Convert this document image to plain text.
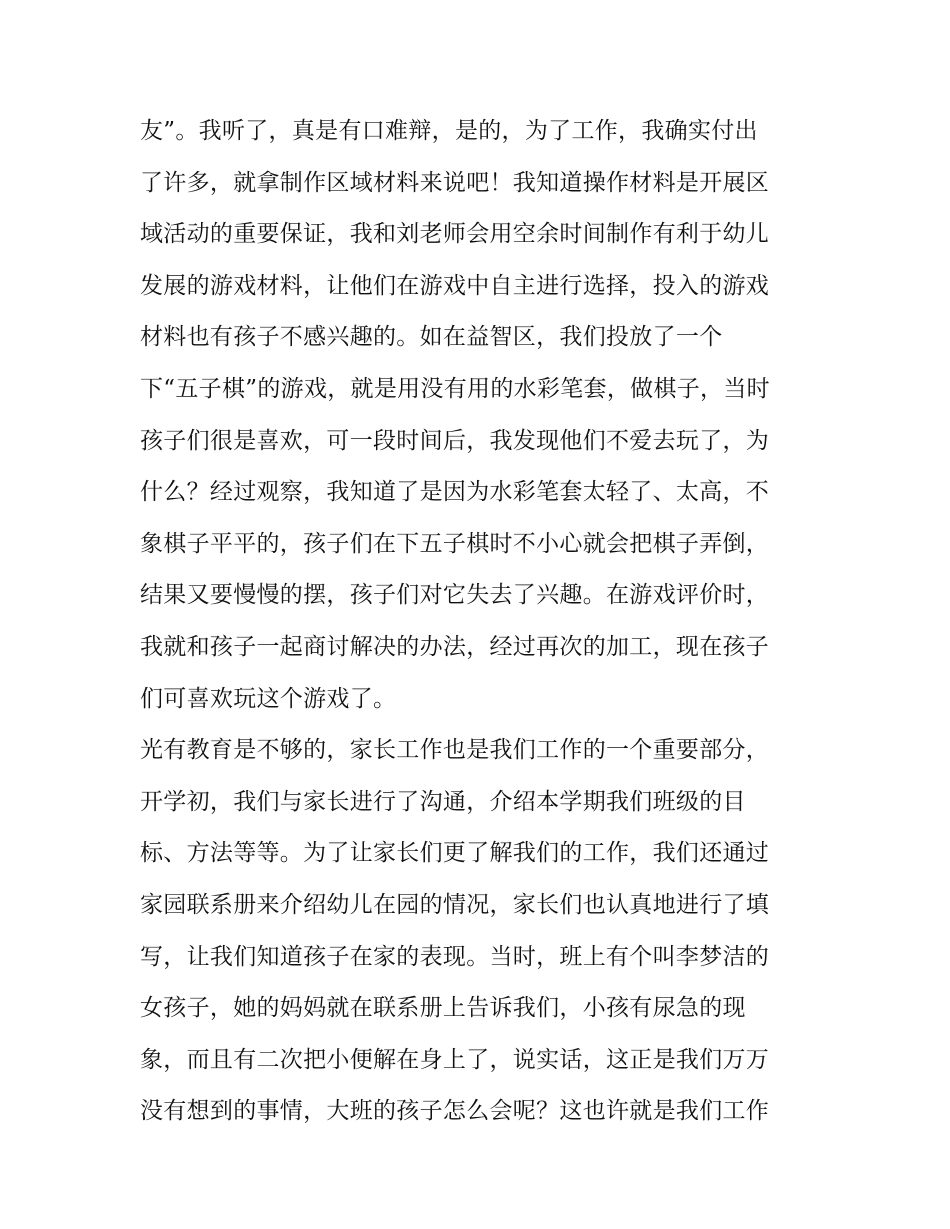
友”。我听了，真是有口难辩，是的，为了工作，我确实付出
了许多，就拿制作区域材料来说吧！我知道操作材料是开展区
域活动的重要保证，我和刘老师会用空余时间制作有利于幼儿
发展的游戏材料，让他们在游戏中自主进行选择，投入的游戏
材料也有孩子不感兴趣的。如在益智区，我们投放了一个
下“五子棋”的游戏，就是用没有用的水彩笔套，做棋子，当时
孩子们很是喜欢，可一段时间后，我发现他们不爱去玩了，为
什么？经过观察，我知道了是因为水彩笔套太轻了、太高，不
象棋子平平的，孩子们在下五子棋时不小心就会把棋子弄倒，
结果又要慢慢的摆，孩子们对它失去了兴趣。在游戏评价时，
我就和孩子一起商讨解决的办法，经过再次的加工，现在孩子
们可喜欢玩这个游戏了。
光有教育是不够的，家长工作也是我们工作的一个重要部分，
开学初，我们与家长进行了沟通，介绍本学期我们班级的目
标、方法等等。为了让家长们更了解我们的工作，我们还通过
家园联系册来介绍幼儿在园的情况，家长们也认真地进行了填
写，让我们知道孩子在家的表现。当时，班上有个叫李梦洁的
女孩子，她的妈妈就在联系册上告诉我们，小孩有尿急的现
象，而且有二次把小便解在身上了，说实话，这正是我们万万
没有想到的事情，大班的孩子怎么会呢？这也许就是我们工作
